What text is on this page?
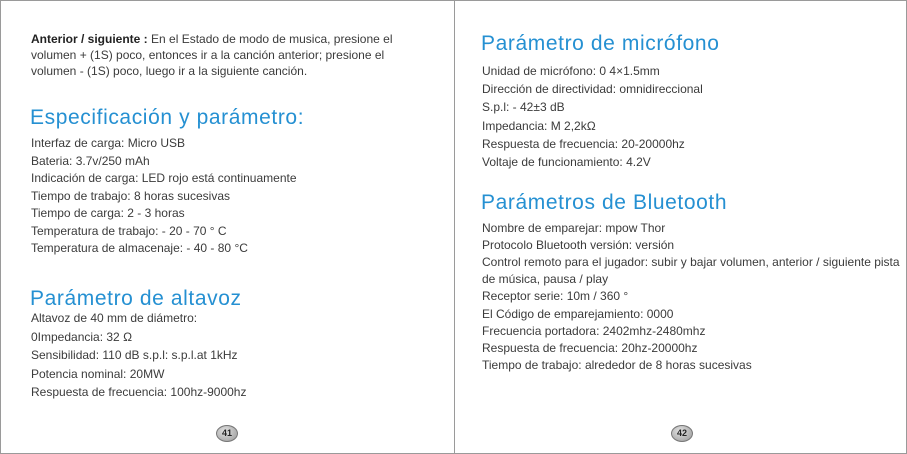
Anterior / siguiente : En el Estado de modo de musica, presione el volumen + (1S) poco, entonces ir a la canción anterior; presione el volumen - (1S) poco, luego ir a la siguiente canción.

Especificación y parámetro:
Interfaz de carga: Micro USB
Bateria: 3.7v/250 mAh
Indicación de carga: LED rojo está continuamente
Tiempo de trabajo: 8 horas sucesivas
Tiempo de carga: 2 - 3 horas
Temperatura de trabajo: - 20 - 70 ° C
Temperatura de almacenaje: - 40 - 80 °C
Parámetro de altavoz
Altavoz de 40 mm de diámetro:
0Impedancia: 32 Ω
Sensibilidad: 110 dB s.p.l: s.p.l.at 1kHz
Potencia nominal: 20MW
Respuesta de frecuencia: 100hz-9000hz
41
Parámetro de micrófono
Unidad de micrófono: 0 4×1.5mm
Dirección de directividad: omnidireccional
S.p.l: - 42±3 dB
Impedancia: M 2,2kΩ
Respuesta de frecuencia: 20-20000hz
Voltaje de funcionamiento: 4.2V
Parámetros de Bluetooth
Nombre de emparejar: mpow Thor
Protocolo Bluetooth versión: versión
Control remoto para el jugador: subir y bajar volumen, anterior / siguiente pista de música, pausa / play
Receptor serie: 10m / 360 °
El Código de emparejamiento: 0000
Frecuencia portadora: 2402mhz-2480mhz
Respuesta de frecuencia: 20hz-20000hz
Tiempo de trabajo: alrededor de 8 horas sucesivas
42
